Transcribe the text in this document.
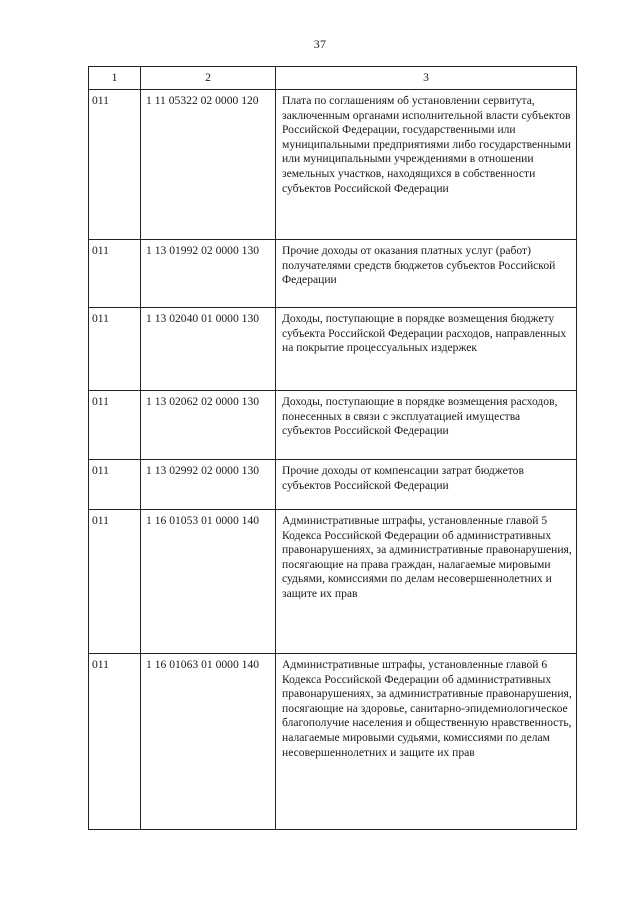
37
1	2	3
011	1 11 05322 02 0000 120	Плата по соглашениям об установлении сервитута, заключенным органами исполнительной власти субъектов Российской Федерации, государственными или муниципальными предприятиями либо государственными или муниципальными учреждениями в отношении земельных участков, находящихся в собственности субъектов Российской Федерации
011	1 13 01992 02 0000 130	Прочие доходы от оказания платных услуг (работ) получателями средств бюджетов субъектов Российской Федерации
011	1 13 02040 01 0000 130	Доходы, поступающие в порядке возмещения бюджету субъекта Российской Федерации расходов, направленных на покрытие процессуальных издержек
011	1 13 02062 02 0000 130	Доходы, поступающие в порядке возмещения расходов, понесенных в связи с эксплуатацией имущества субъектов Российской Федерации
011	1 13 02992 02 0000 130	Прочие доходы от компенсации затрат бюджетов субъектов Российской Федерации
011	1 16 01053 01 0000 140	Административные штрафы, установленные главой 5 Кодекса Российской Федерации об административных правонарушениях, за административные правонарушения, посягающие на права граждан, налагаемые мировыми судьями, комиссиями по делам несовершеннолетних и защите их прав
011	1 16 01063 01 0000 140	Административные штрафы, установленные главой 6 Кодекса Российской Федерации об административных правонарушениях, за административные правонарушения, посягающие на здоровье, санитарно-эпидемиологическое благополучие населения и общественную нравственность, налагаемые мировыми судьями, комиссиями по делам несовершеннолетних и защите их прав
